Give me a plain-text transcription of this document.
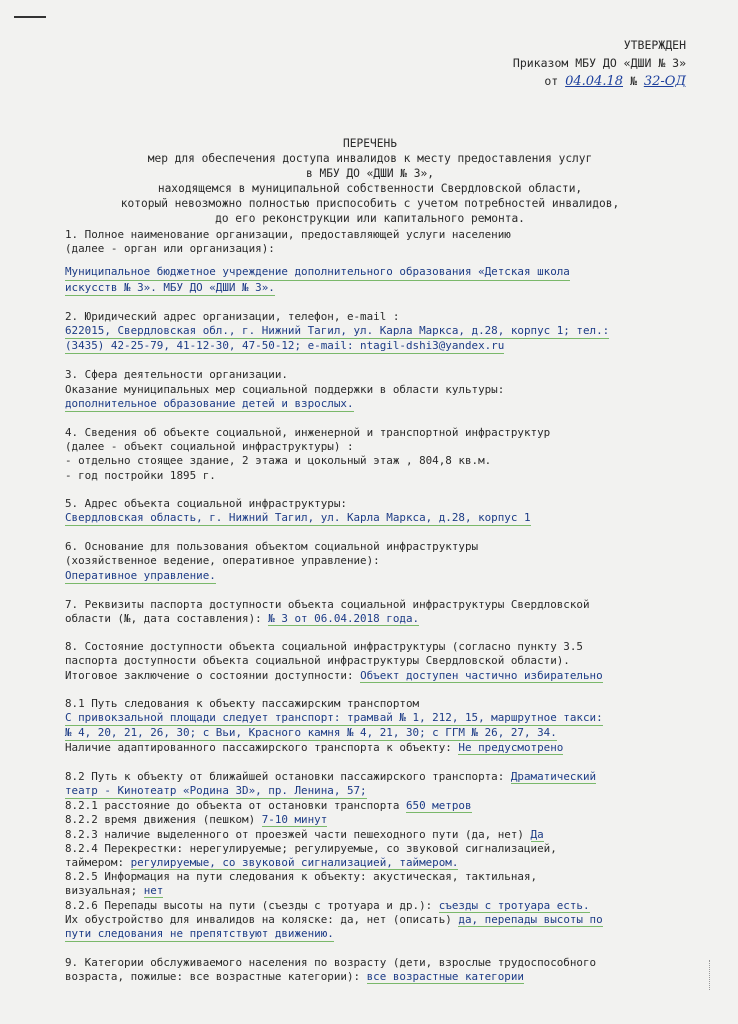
УТВЕРЖДЕН
Приказом МБУ ДО «ДШИ № 3»
от 04.04.18 № 32-ОД
ПЕРЕЧЕНЬ
мер для обеспечения доступа инвалидов к месту предоставления услуг
в МБУ ДО «ДШИ № 3»,
находящемся в муниципальной собственности Свердловской области,
который невозможно полностью приспособить с учетом потребностей инвалидов,
до его реконструкции или капитального ремонта.
1. Полное наименование организации, предоставляющей услуги населению
(далее - орган или организация):
Муниципальное бюджетное учреждение дополнительного образования «Детская школа
искусств № 3». МБУ ДО «ДШИ № 3».
2. Юридический адрес организации, телефон, e-mail :
622015, Свердловская обл., г. Нижний Тагил, ул. Карла Маркса, д.28, корпус 1; тел.:
(3435) 42-25-79, 41-12-30, 47-50-12; e-mail: ntagil-dshi3@yandex.ru
3. Сфера деятельности организации.
Оказание муниципальных мер социальной поддержки в области культуры:
дополнительное образование детей и взрослых.
4. Сведения об объекте социальной, инженерной и транспортной инфраструктур
(далее - объект социальной инфраструктуры) :
- отдельно стоящее здание, 2 этажа и цокольный этаж , 804,8 кв.м.
- год постройки 1895 г.
5. Адрес объекта социальной инфраструктуры:
Свердловская область, г. Нижний Тагил, ул. Карла Маркса, д.28, корпус 1
6. Основание для пользования объектом социальной инфраструктуры
(хозяйственное ведение, оперативное управление):
Оперативное управление.
7. Реквизиты паспорта доступности объекта социальной инфраструктуры Свердловской
области (№, дата составления): № 3 от 06.04.2018 года.
8. Состояние доступности объекта социальной инфраструктуры (согласно пункту 3.5
паспорта доступности объекта социальной инфраструктуры Свердловской области).
Итоговое заключение о состоянии доступности: Объект доступен частично избирательно
8.1 Путь следования к объекту пассажирским транспортом
С привокзальной площади следует транспорт: трамвай № 1, 212, 15, маршрутное такси:
№ 4, 20, 21, 26, 30; с Вьи, Красного камня № 4, 21, 30; с ГГМ № 26, 27, 34.
Наличие адаптированного пассажирского транспорта к объекту: Не предусмотрено
8.2 Путь к объекту от ближайшей остановки пассажирского транспорта: Драматический
театр - Кинотеатр «Родина 3D», пр. Ленина, 57;

8.2.1 расстояние до объекта от остановки транспорта 650 метров
8.2.2 время движения (пешком) 7-10 минут
8.2.3 наличие выделенного от проезжей части пешеходного пути (да, нет) Да
8.2.4 Перекрестки: нерегулируемые; регулируемые, со звуковой сигнализацией,
таймером: регулируемые, со звуковой сигнализацией, таймером.
8.2.5 Информация на пути следования к объекту: акустическая, тактильная,
визуальная; нет
8.2.6 Перепады высоты на пути (съезды с тротуара и др.): съезды с тротуара есть.
Их обустройство для инвалидов на коляске: да, нет (описать) да, перепады высоты по
пути следования не препятствуют движению.
9. Категории обслуживаемого населения по возрасту (дети, взрослые трудоспособного
возраста, пожилые: все возрастные категории): все возрастные категории
